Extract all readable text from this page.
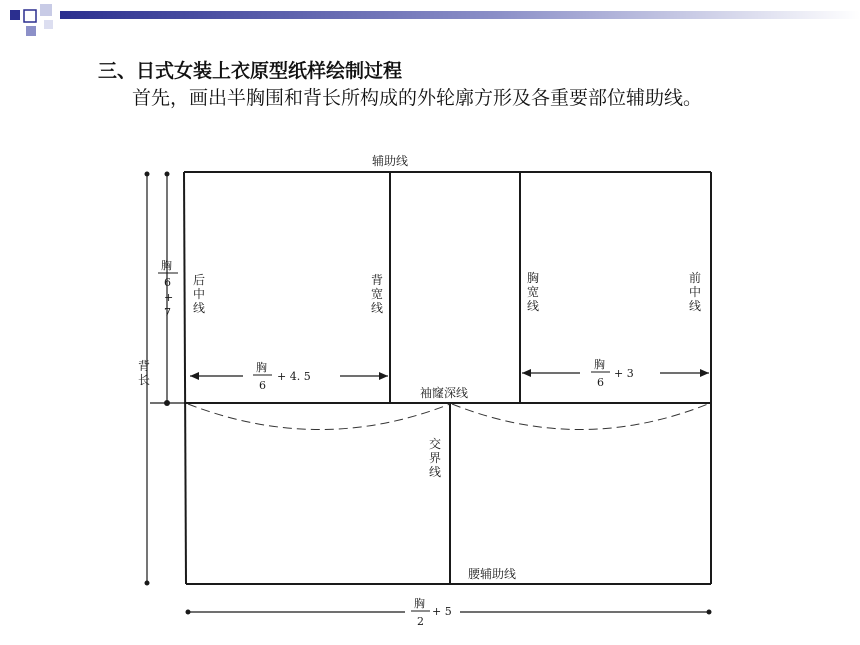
三、日式女装上衣原型纸样绘制过程
首先，画出半胸围和背长所构成的外轮廓方形及各重要部位辅助线。
辅助线
后中线
背宽线
胸宽线
前中线
交界线
背长
袖窿深线
腰辅助线
胸
6
+
7
胸
6
+ 4. 5
胸
6
+ 3
胸
2
+ 5
